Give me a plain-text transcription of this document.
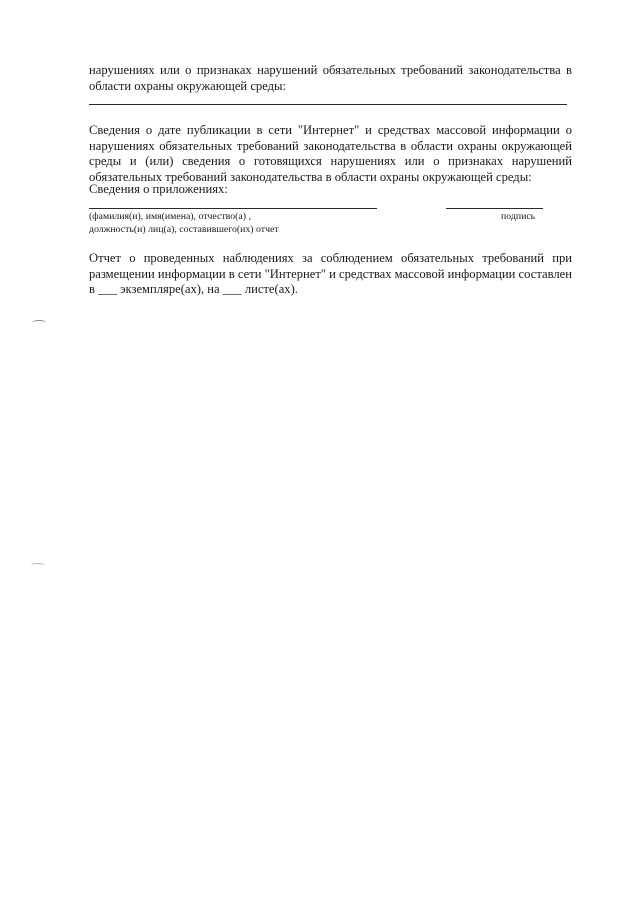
нарушениях или о признаках нарушений обязательных требований законодательства в области охраны окружающей среды:

Сведения о дате публикации в сети "Интернет" и средствах массовой информации о нарушениях обязательных требований законодательства в области охраны окружающей среды и (или) сведения о готовящихся нарушениях или о признаках нарушений обязательных требований законодательства в области охраны окружающей среды:

Сведения о приложениях:

(фамилия(и), имя(имена), отчество(а) ,	подпись
должность(и) лиц(а), составившего(их) отчет

Отчет о проведенных наблюдениях за соблюдением обязательных требований при размещении информации в сети "Интернет" и средствах массовой информации составлен в ___ экземпляре(ах), на ___ листе(ах).
